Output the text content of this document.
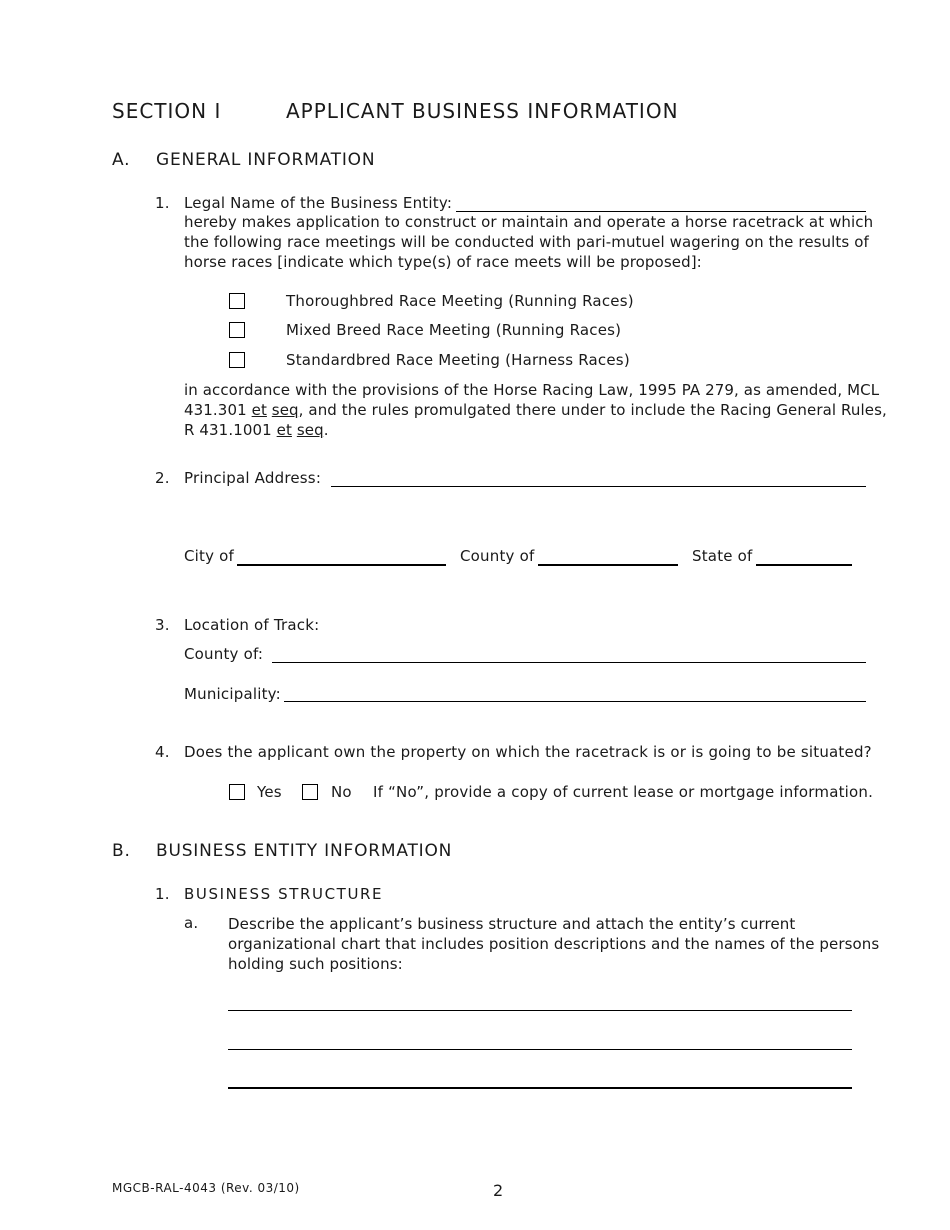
SECTION I	APPLICANT BUSINESS INFORMATION
A. GENERAL INFORMATION
1. Legal Name of the Business Entity:
hereby makes application to construct or maintain and operate a horse racetrack at which
the following race meetings will be conducted with pari-mutuel wagering on the results of
horse races [indicate which type(s) of race meets will be proposed]:
Thoroughbred Race Meeting (Running Races)
Mixed Breed Race Meeting (Running Races)
Standardbred Race Meeting (Harness Races)
in accordance with the provisions of the Horse Racing Law, 1995 PA 279, as amended, MCL
431.301 et seq, and the rules promulgated there under to include the Racing General Rules,
R 431.1001 et seq.
2. Principal Address:
City of	County of	State of
3. Location of Track:
County of:
Municipality:
4. Does the applicant own the property on which the racetrack is or is going to be situated?
Yes	No If “No”, provide a copy of current lease or mortgage information.
B. BUSINESS ENTITY INFORMATION
1. BUSINESS STRUCTURE
a. Describe the applicant’s business structure and attach the entity’s current
organizational chart that includes position descriptions and the names of the persons
holding such positions:
MGCB-RAL-4043 (Rev. 03/10)	2
